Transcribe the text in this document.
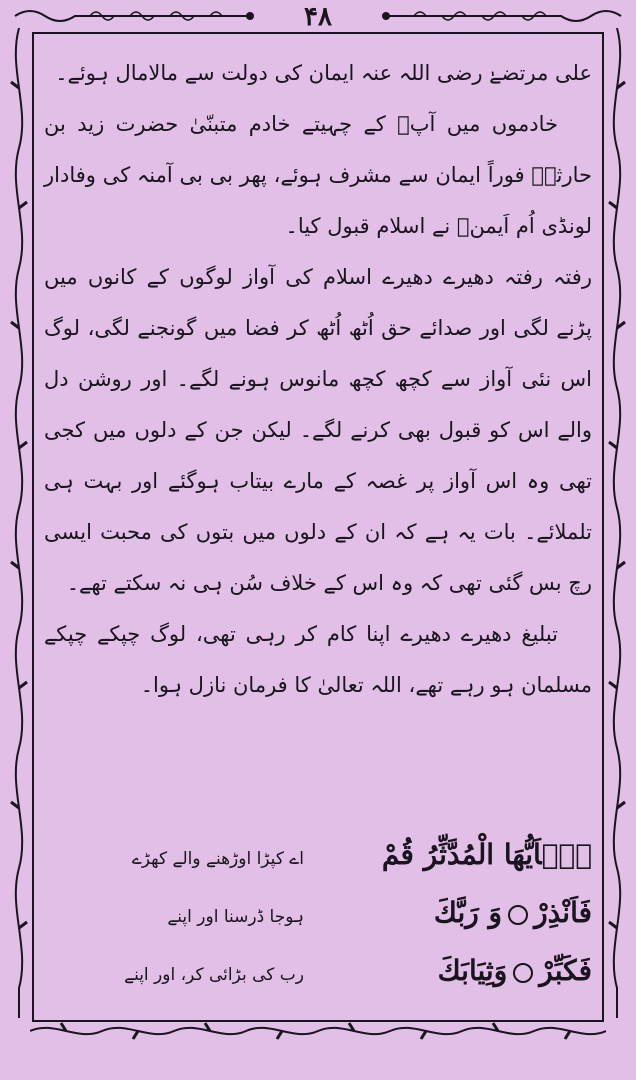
۴۸

علی مرتضےٰ رضی اللہ عنہ ایمان کی دولت سے مالامال ہوئے۔

خادموں میں آپؐ کے چہیتے خادم متبنّیٰ حضرت زید بن حارثہؓ فوراً ایمان سے مشرف ہوئے، پھر بی بی آمنہ کی وفادار لونڈی اُم اَیمنؓ نے اسلام قبول کیا۔

رفتہ رفتہ دھیرے دھیرے اسلام کی آواز لوگوں کے کانوں میں پڑنے لگی اور صدائے حق اُٹھ اُٹھ کر فضا میں گونجنے لگی، لوگ اس نئی آواز سے کچھ کچھ مانوس ہونے لگے۔ اور روشن دل والے اس کو قبول بھی کرنے لگے۔ لیکن جن کے دلوں میں کجی تھی وہ اس آواز پر غصہ کے مارے بیتاب ہوگئے اور بہت ہی تلملائے۔ بات یہ ہے کہ ان کے دلوں میں بتوں کی محبت ایسی رچ بس گئی تھی کہ وہ اس کے خلاف سُن ہی نہ سکتے تھے۔

تبلیغ دھیرے دھیرے اپنا کام کر رہی تھی، لوگ چپکے چپکے مسلمان ہو رہے تھے، اللہ تعالیٰ کا فرمان نازل ہوا۔

یٰۤاَیُّهَا الْمُدَّثِّرُ قُمْ
اے کپڑا اوڑھنے والے کھڑے
فَاَنْذِرْوَ رَبَّكَ
ہوجا ڈرسنا اور اپنے
فَكَبِّرْوَثِيَابَكَ
رب کی بڑائی کر، اور اپنے
